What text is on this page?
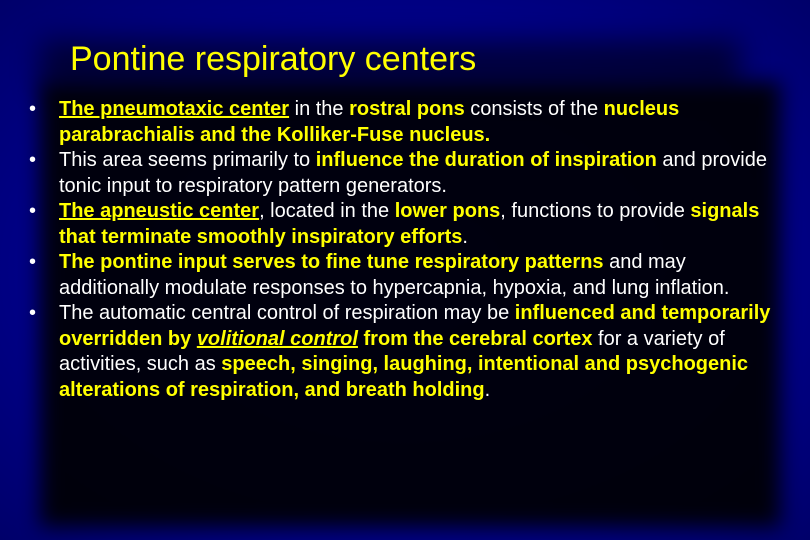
Pontine respiratory centers
• The pneumotaxic center in the rostral pons consists of the nucleus parabrachialis and the Kolliker-Fuse nucleus.
• This area seems primarily to influence the duration of inspiration and provide tonic input to respiratory pattern generators.
• The apneustic center, located in the lower pons, functions to provide signals that terminate smoothly inspiratory efforts.
• The pontine input serves to fine tune respiratory patterns and may additionally modulate responses to hypercapnia, hypoxia, and lung inflation.
• The automatic central control of respiration may be influenced and temporarily overridden by volitional control from the cerebral cortex for a variety of activities, such as speech, singing, laughing, intentional and psychogenic alterations of respiration, and breath holding.
